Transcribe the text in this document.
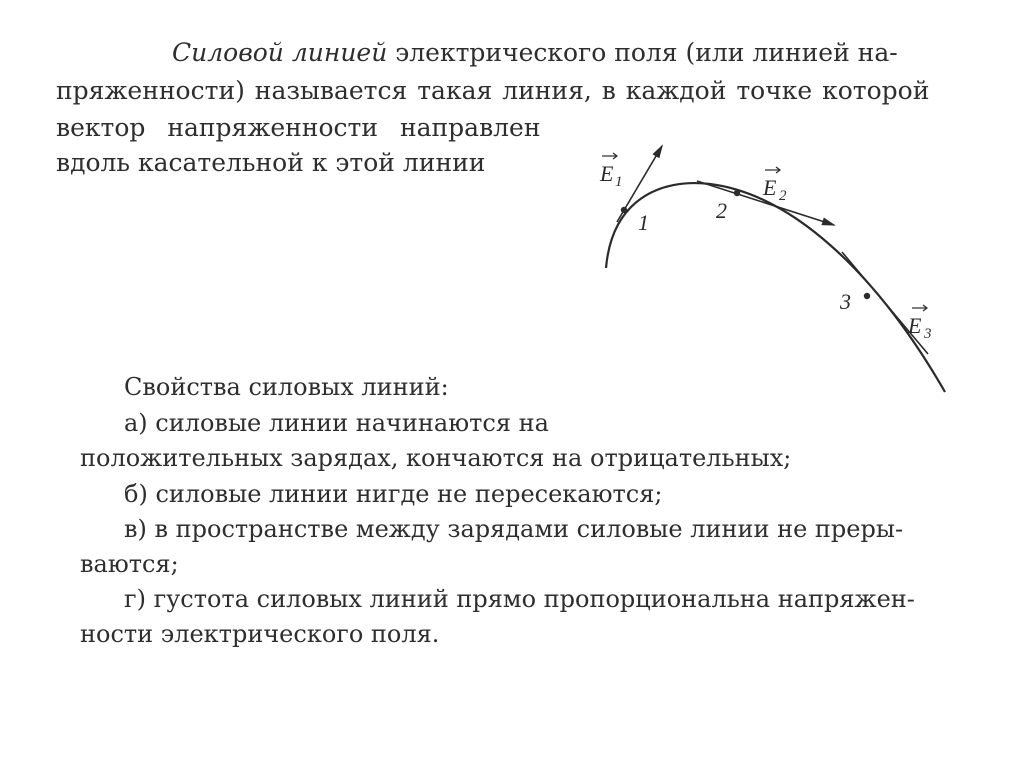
Силовой линией электрического поля (или линией на-
пряженности) называется такая линия, в каждой точке которой
вектор напряженности направлен
вдоль касательной к этой линии	E 1	E 2
E 3
1	2
3
Свойства силовых линий:
а) силовые линии начинаются на
положительных зарядах, кончаются на отрицательных;
б) силовые линии нигде не пересекаются;
в) в пространстве между зарядами силовые линии не преры-
ваются;
г) густота силовых линий прямо пропорциональна напряжен-
ности электрического поля.
